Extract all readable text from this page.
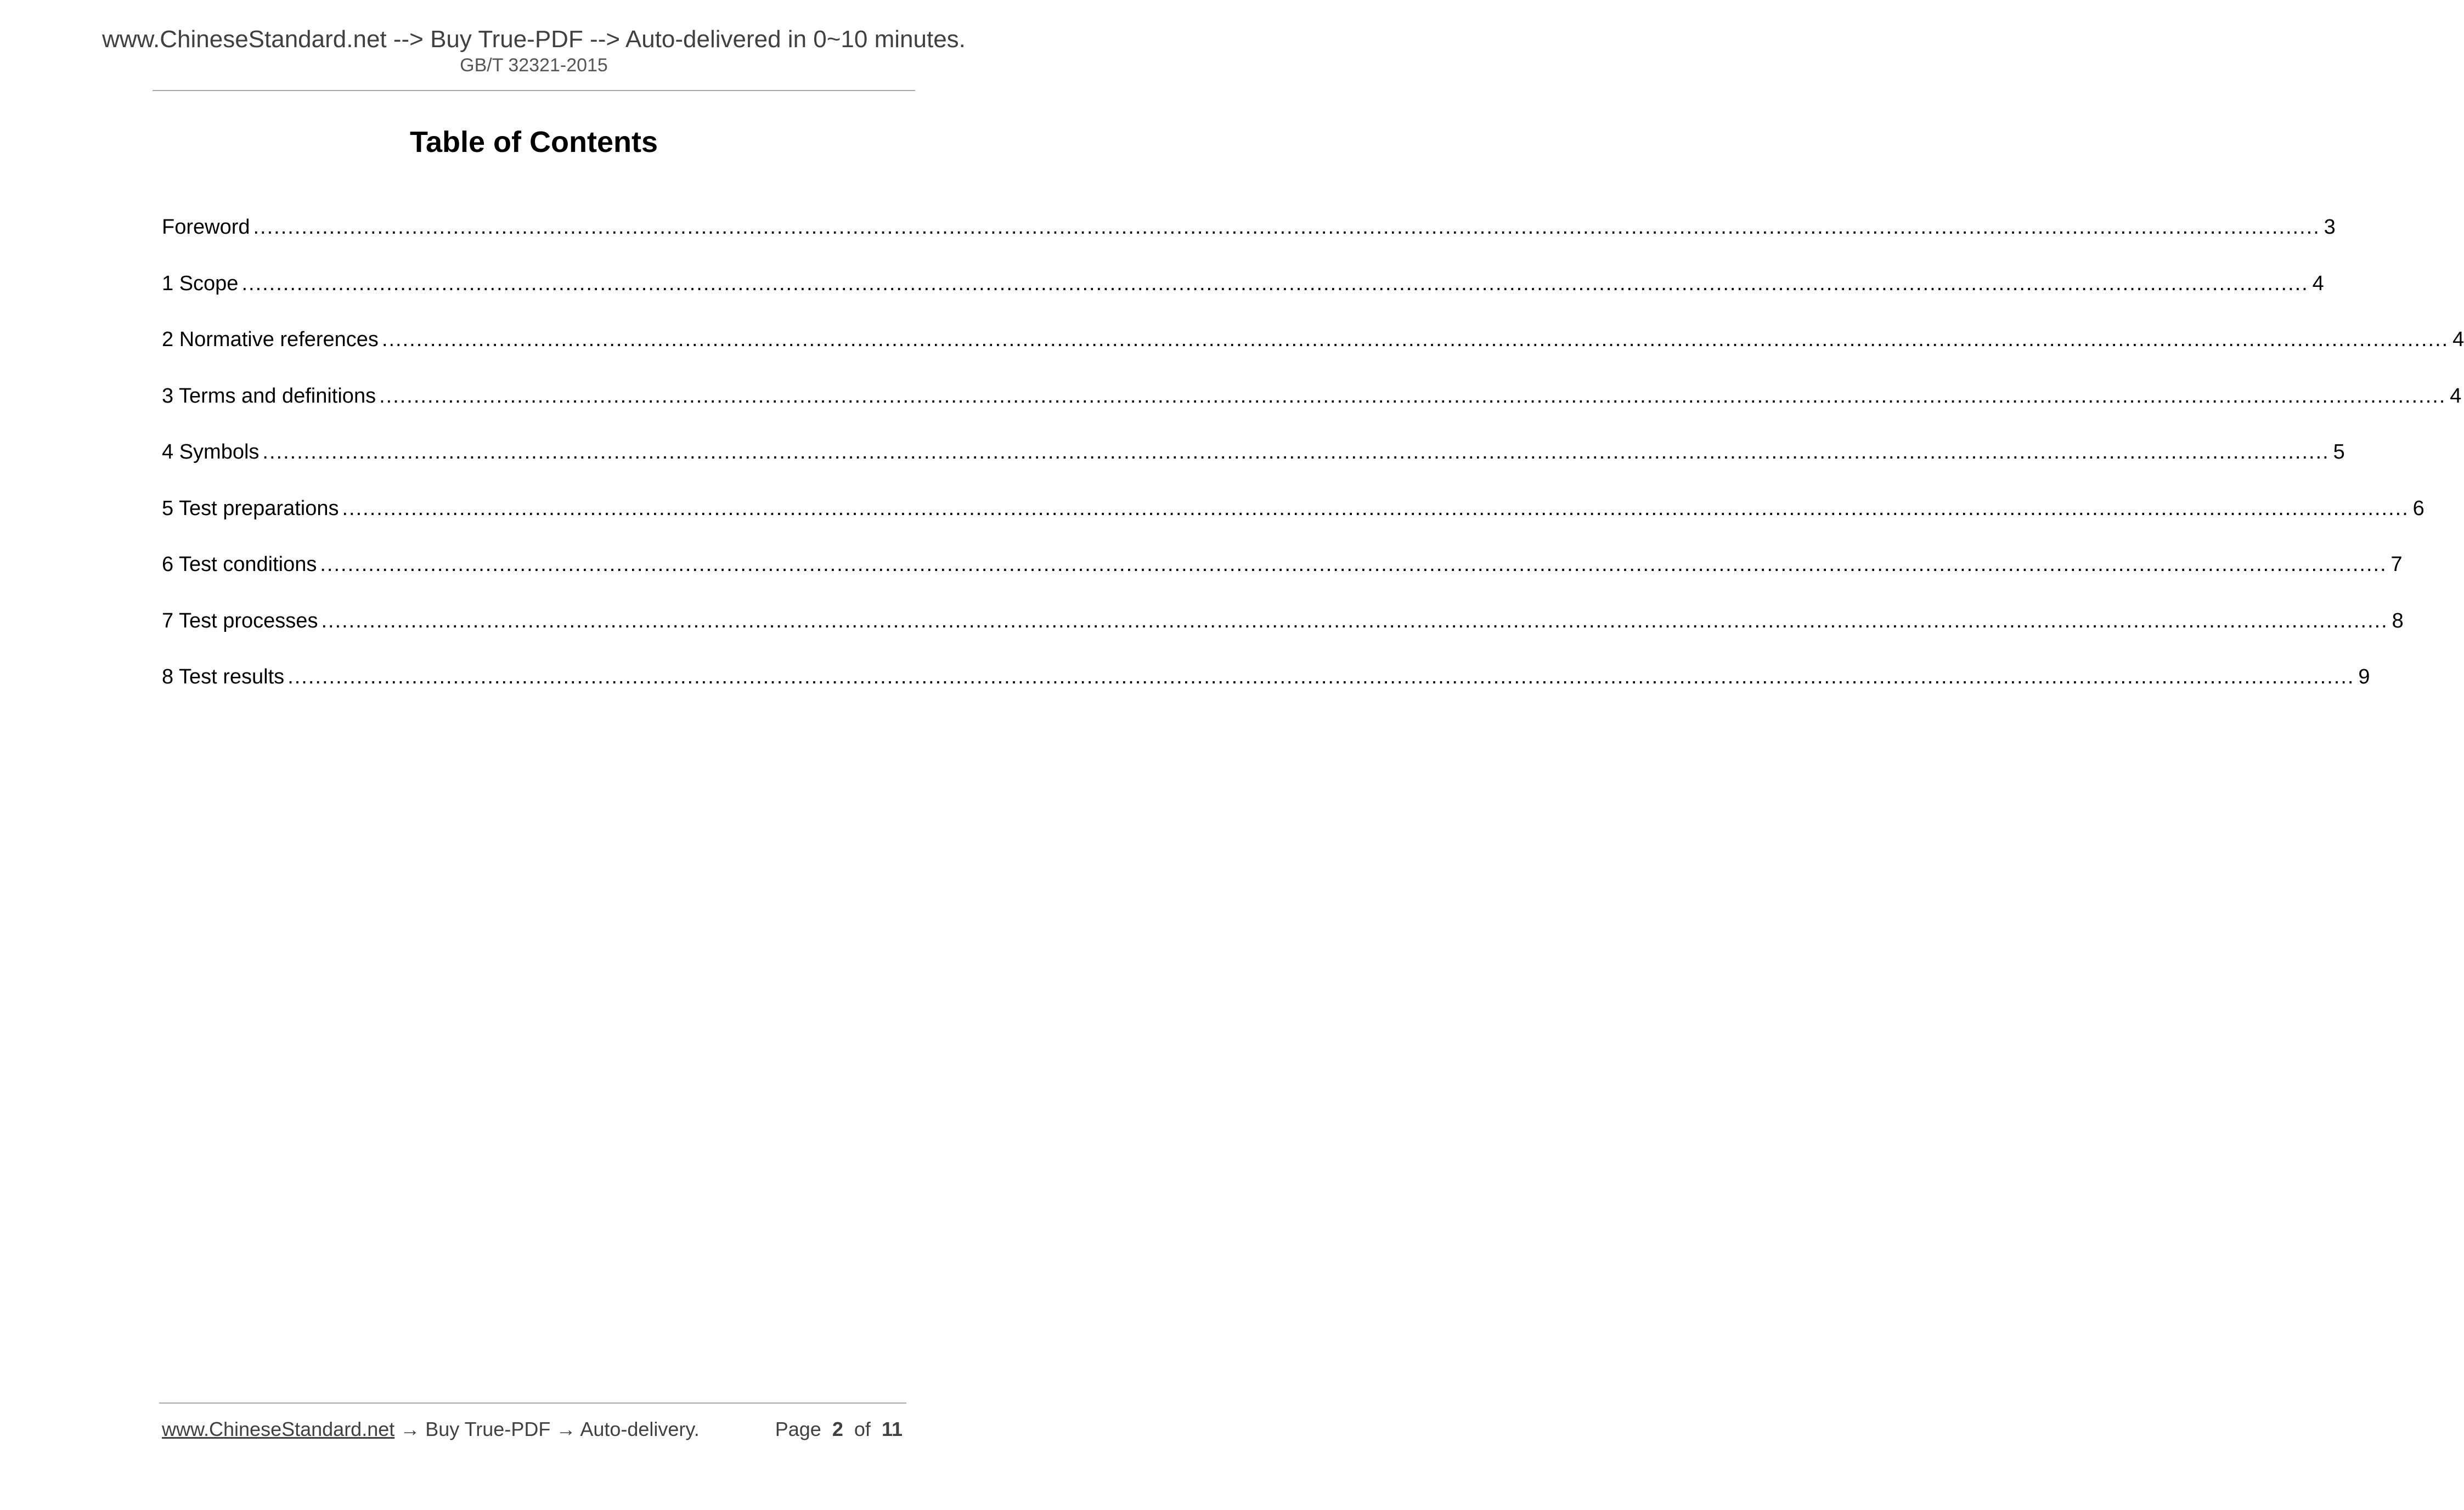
www.ChineseStandard.net --> Buy True-PDF --> Auto-delivered in 0~10 minutes.
GB/T 32321-2015
Table of Contents
Foreword ............................................................................................................................................................................................................................................................................................................ 3
1 Scope ............................................................................................................................................................................................................................................................................................................ 4
2 Normative references ............................................................................................................................................................................................................................................................................................................ 4
3 Terms and definitions ............................................................................................................................................................................................................................................................................................................ 4
4 Symbols ............................................................................................................................................................................................................................................................................................................ 5
5 Test preparations ............................................................................................................................................................................................................................................................................................................ 6
6 Test conditions ............................................................................................................................................................................................................................................................................................................ 7
7 Test processes ............................................................................................................................................................................................................................................................................................................ 8
8 Test results ............................................................................................................................................................................................................................................................................................................ 9
www.ChineseStandard.net → Buy True-PDF → Auto-delivery.	Page 2 of 11
